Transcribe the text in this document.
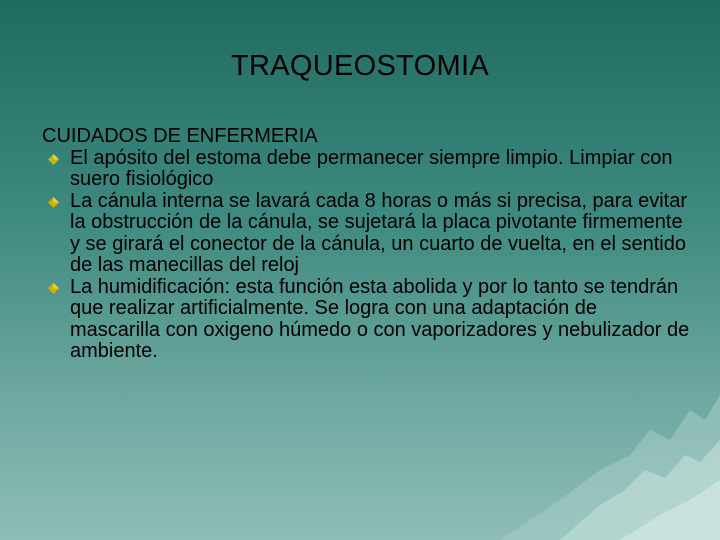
TRAQUEOSTOMIA
CUIDADOS DE ENFERMERIA
El apósito del estoma debe permanecer siempre limpio. Limpiar con suero fisiológico
La cánula interna se lavará cada 8 horas o más si precisa, para evitar la obstrucción de la cánula, se sujetará la placa pivotante firmemente y se girará el conector de la cánula, un cuarto de vuelta, en el sentido de las manecillas del reloj
La humidificación: esta función esta abolida y por lo tanto se tendrán que realizar artificialmente. Se logra con una adaptación de mascarilla con oxigeno húmedo o con vaporizadores y nebulizador de ambiente.
